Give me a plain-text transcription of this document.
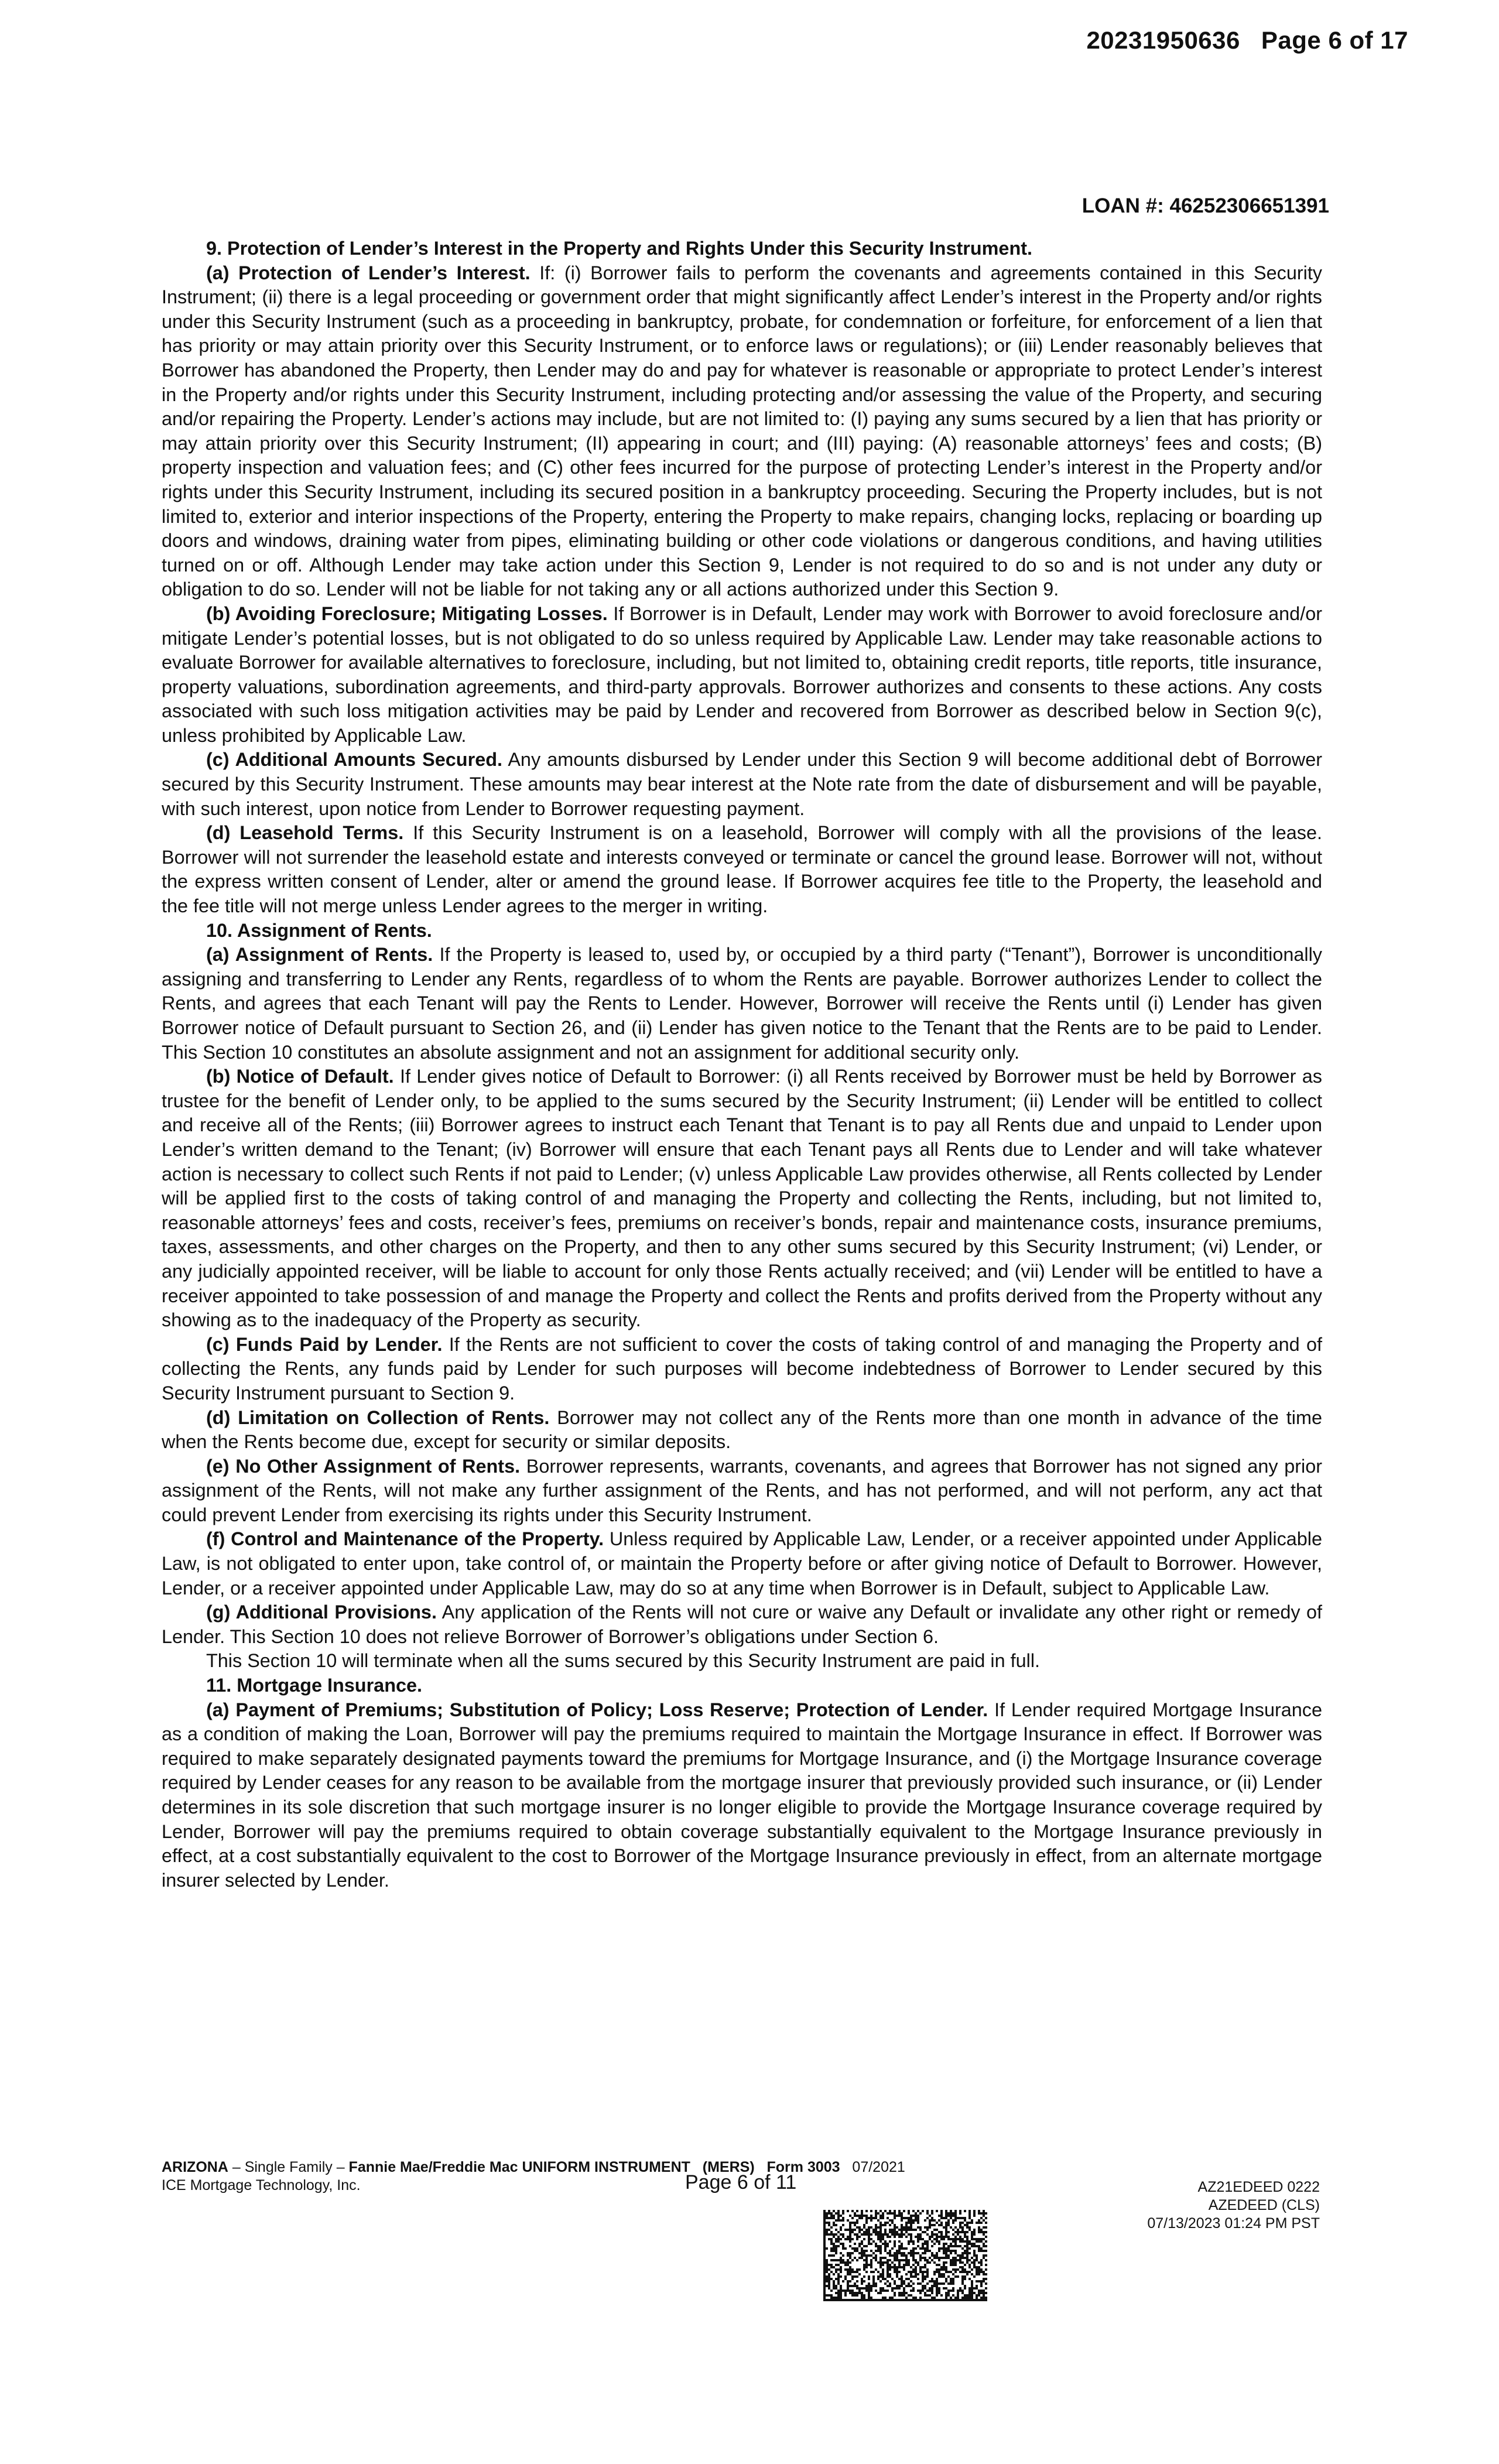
20231950636 Page 6 of 17
LOAN #: 46252306651391

9. Protection of Lender’s Interest in the Property and Rights Under this Security Instrument.

(a) Protection of Lender’s Interest. If: (i) Borrower fails to perform the covenants and agreements contained in this Security Instrument; (ii) there is a legal proceeding or government order that might significantly affect Lender’s interest in the Property and/or rights under this Security Instrument (such as a proceeding in bankruptcy, probate, for condemnation or forfeiture, for enforcement of a lien that has priority or may attain priority over this Security Instrument, or to enforce laws or regulations); or (iii) Lender reasonably believes that Borrower has abandoned the Property, then Lender may do and pay for whatever is reasonable or appropriate to protect Lender’s interest in the Property and/or rights under this Security Instrument, including protecting and/or assessing the value of the Property, and securing and/or repairing the Property. Lender’s actions may include, but are not limited to: (I) paying any sums secured by a lien that has priority or may attain priority over this Security Instrument; (II) appearing in court; and (III) paying: (A) reasonable attorneys’ fees and costs; (B) property inspection and valuation fees; and (C) other fees incurred for the purpose of protecting Lender’s interest in the Property and/or rights under this Security Instrument, including its secured position in a bankruptcy proceeding. Securing the Property includes, but is not limited to, exterior and interior inspections of the Property, entering the Property to make repairs, changing locks, replacing or boarding up doors and windows, draining water from pipes, eliminating building or other code violations or dangerous conditions, and having utilities turned on or off. Although Lender may take action under this Section 9, Lender is not required to do so and is not under any duty or obligation to do so. Lender will not be liable for not taking any or all actions authorized under this Section 9.

(b) Avoiding Foreclosure; Mitigating Losses. If Borrower is in Default, Lender may work with Borrower to avoid foreclosure and/or mitigate Lender’s potential losses, but is not obligated to do so unless required by Applicable Law. Lender may take reasonable actions to evaluate Borrower for available alternatives to foreclosure, including, but not limited to, obtaining credit reports, title reports, title insurance, property valuations, subordination agreements, and third-party approvals. Borrower authorizes and consents to these actions. Any costs associated with such loss mitigation activities may be paid by Lender and recovered from Borrower as described below in Section 9(c), unless prohibited by Applicable Law.

(c) Additional Amounts Secured. Any amounts disbursed by Lender under this Section 9 will become additional debt of Borrower secured by this Security Instrument. These amounts may bear interest at the Note rate from the date of disbursement and will be payable, with such interest, upon notice from Lender to Borrower requesting payment.

(d) Leasehold Terms. If this Security Instrument is on a leasehold, Borrower will comply with all the provisions of the lease. Borrower will not surrender the leasehold estate and interests conveyed or terminate or cancel the ground lease. Borrower will not, without the express written consent of Lender, alter or amend the ground lease. If Borrower acquires fee title to the Property, the leasehold and the fee title will not merge unless Lender agrees to the merger in writing.

10. Assignment of Rents.

(a) Assignment of Rents. If the Property is leased to, used by, or occupied by a third party (“Tenant”), Borrower is unconditionally assigning and transferring to Lender any Rents, regardless of to whom the Rents are payable. Borrower authorizes Lender to collect the Rents, and agrees that each Tenant will pay the Rents to Lender. However, Borrower will receive the Rents until (i) Lender has given Borrower notice of Default pursuant to Section 26, and (ii) Lender has given notice to the Tenant that the Rents are to be paid to Lender. This Section 10 constitutes an absolute assignment and not an assignment for additional security only.

(b) Notice of Default. If Lender gives notice of Default to Borrower: (i) all Rents received by Borrower must be held by Borrower as trustee for the benefit of Lender only, to be applied to the sums secured by the Security Instrument; (ii) Lender will be entitled to collect and receive all of the Rents; (iii) Borrower agrees to instruct each Tenant that Tenant is to pay all Rents due and unpaid to Lender upon Lender’s written demand to the Tenant; (iv) Borrower will ensure that each Tenant pays all Rents due to Lender and will take whatever action is necessary to collect such Rents if not paid to Lender; (v) unless Applicable Law provides otherwise, all Rents collected by Lender will be applied first to the costs of taking control of and managing the Property and collecting the Rents, including, but not limited to, reasonable attorneys’ fees and costs, receiver’s fees, premiums on receiver’s bonds, repair and maintenance costs, insurance premiums, taxes, assessments, and other charges on the Property, and then to any other sums secured by this Security Instrument; (vi) Lender, or any judicially appointed receiver, will be liable to account for only those Rents actually received; and (vii) Lender will be entitled to have a receiver appointed to take possession of and manage the Property and collect the Rents and profits derived from the Property without any showing as to the inadequacy of the Property as security.

(c) Funds Paid by Lender. If the Rents are not sufficient to cover the costs of taking control of and managing the Property and of collecting the Rents, any funds paid by Lender for such purposes will become indebtedness of Borrower to Lender secured by this Security Instrument pursuant to Section 9.

(d) Limitation on Collection of Rents. Borrower may not collect any of the Rents more than one month in advance of the time when the Rents become due, except for security or similar deposits.

(e) No Other Assignment of Rents. Borrower represents, warrants, covenants, and agrees that Borrower has not signed any prior assignment of the Rents, will not make any further assignment of the Rents, and has not performed, and will not perform, any act that could prevent Lender from exercising its rights under this Security Instrument.

(f) Control and Maintenance of the Property. Unless required by Applicable Law, Lender, or a receiver appointed under Applicable Law, is not obligated to enter upon, take control of, or maintain the Property before or after giving notice of Default to Borrower. However, Lender, or a receiver appointed under Applicable Law, may do so at any time when Borrower is in Default, subject to Applicable Law.

(g) Additional Provisions. Any application of the Rents will not cure or waive any Default or invalidate any other right or remedy of Lender. This Section 10 does not relieve Borrower of Borrower’s obligations under Section 6.

This Section 10 will terminate when all the sums secured by this Security Instrument are paid in full.

11. Mortgage Insurance.

(a) Payment of Premiums; Substitution of Policy; Loss Reserve; Protection of Lender. If Lender required Mortgage Insurance as a condition of making the Loan, Borrower will pay the premiums required to maintain the Mortgage Insurance in effect. If Borrower was required to make separately designated payments toward the premiums for Mortgage Insurance, and (i) the Mortgage Insurance coverage required by Lender ceases for any reason to be available from the mortgage insurer that previously provided such insurance, or (ii) Lender determines in its sole discretion that such mortgage insurer is no longer eligible to provide the Mortgage Insurance coverage required by Lender, Borrower will pay the premiums required to obtain coverage substantially equivalent to the Mortgage Insurance previously in effect, at a cost substantially equivalent to the cost to Borrower of the Mortgage Insurance previously in effect, from an alternate mortgage insurer selected by Lender.

ARIZONA – Single Family – Fannie Mae/Freddie Mac UNIFORM INSTRUMENT (MERS) Form 3003 07/2021
ICE Mortgage Technology, Inc.	Page 6 of 11	AZ21EDEED 0222
AZEDEED (CLS)
07/13/2023 01:24 PM PST
